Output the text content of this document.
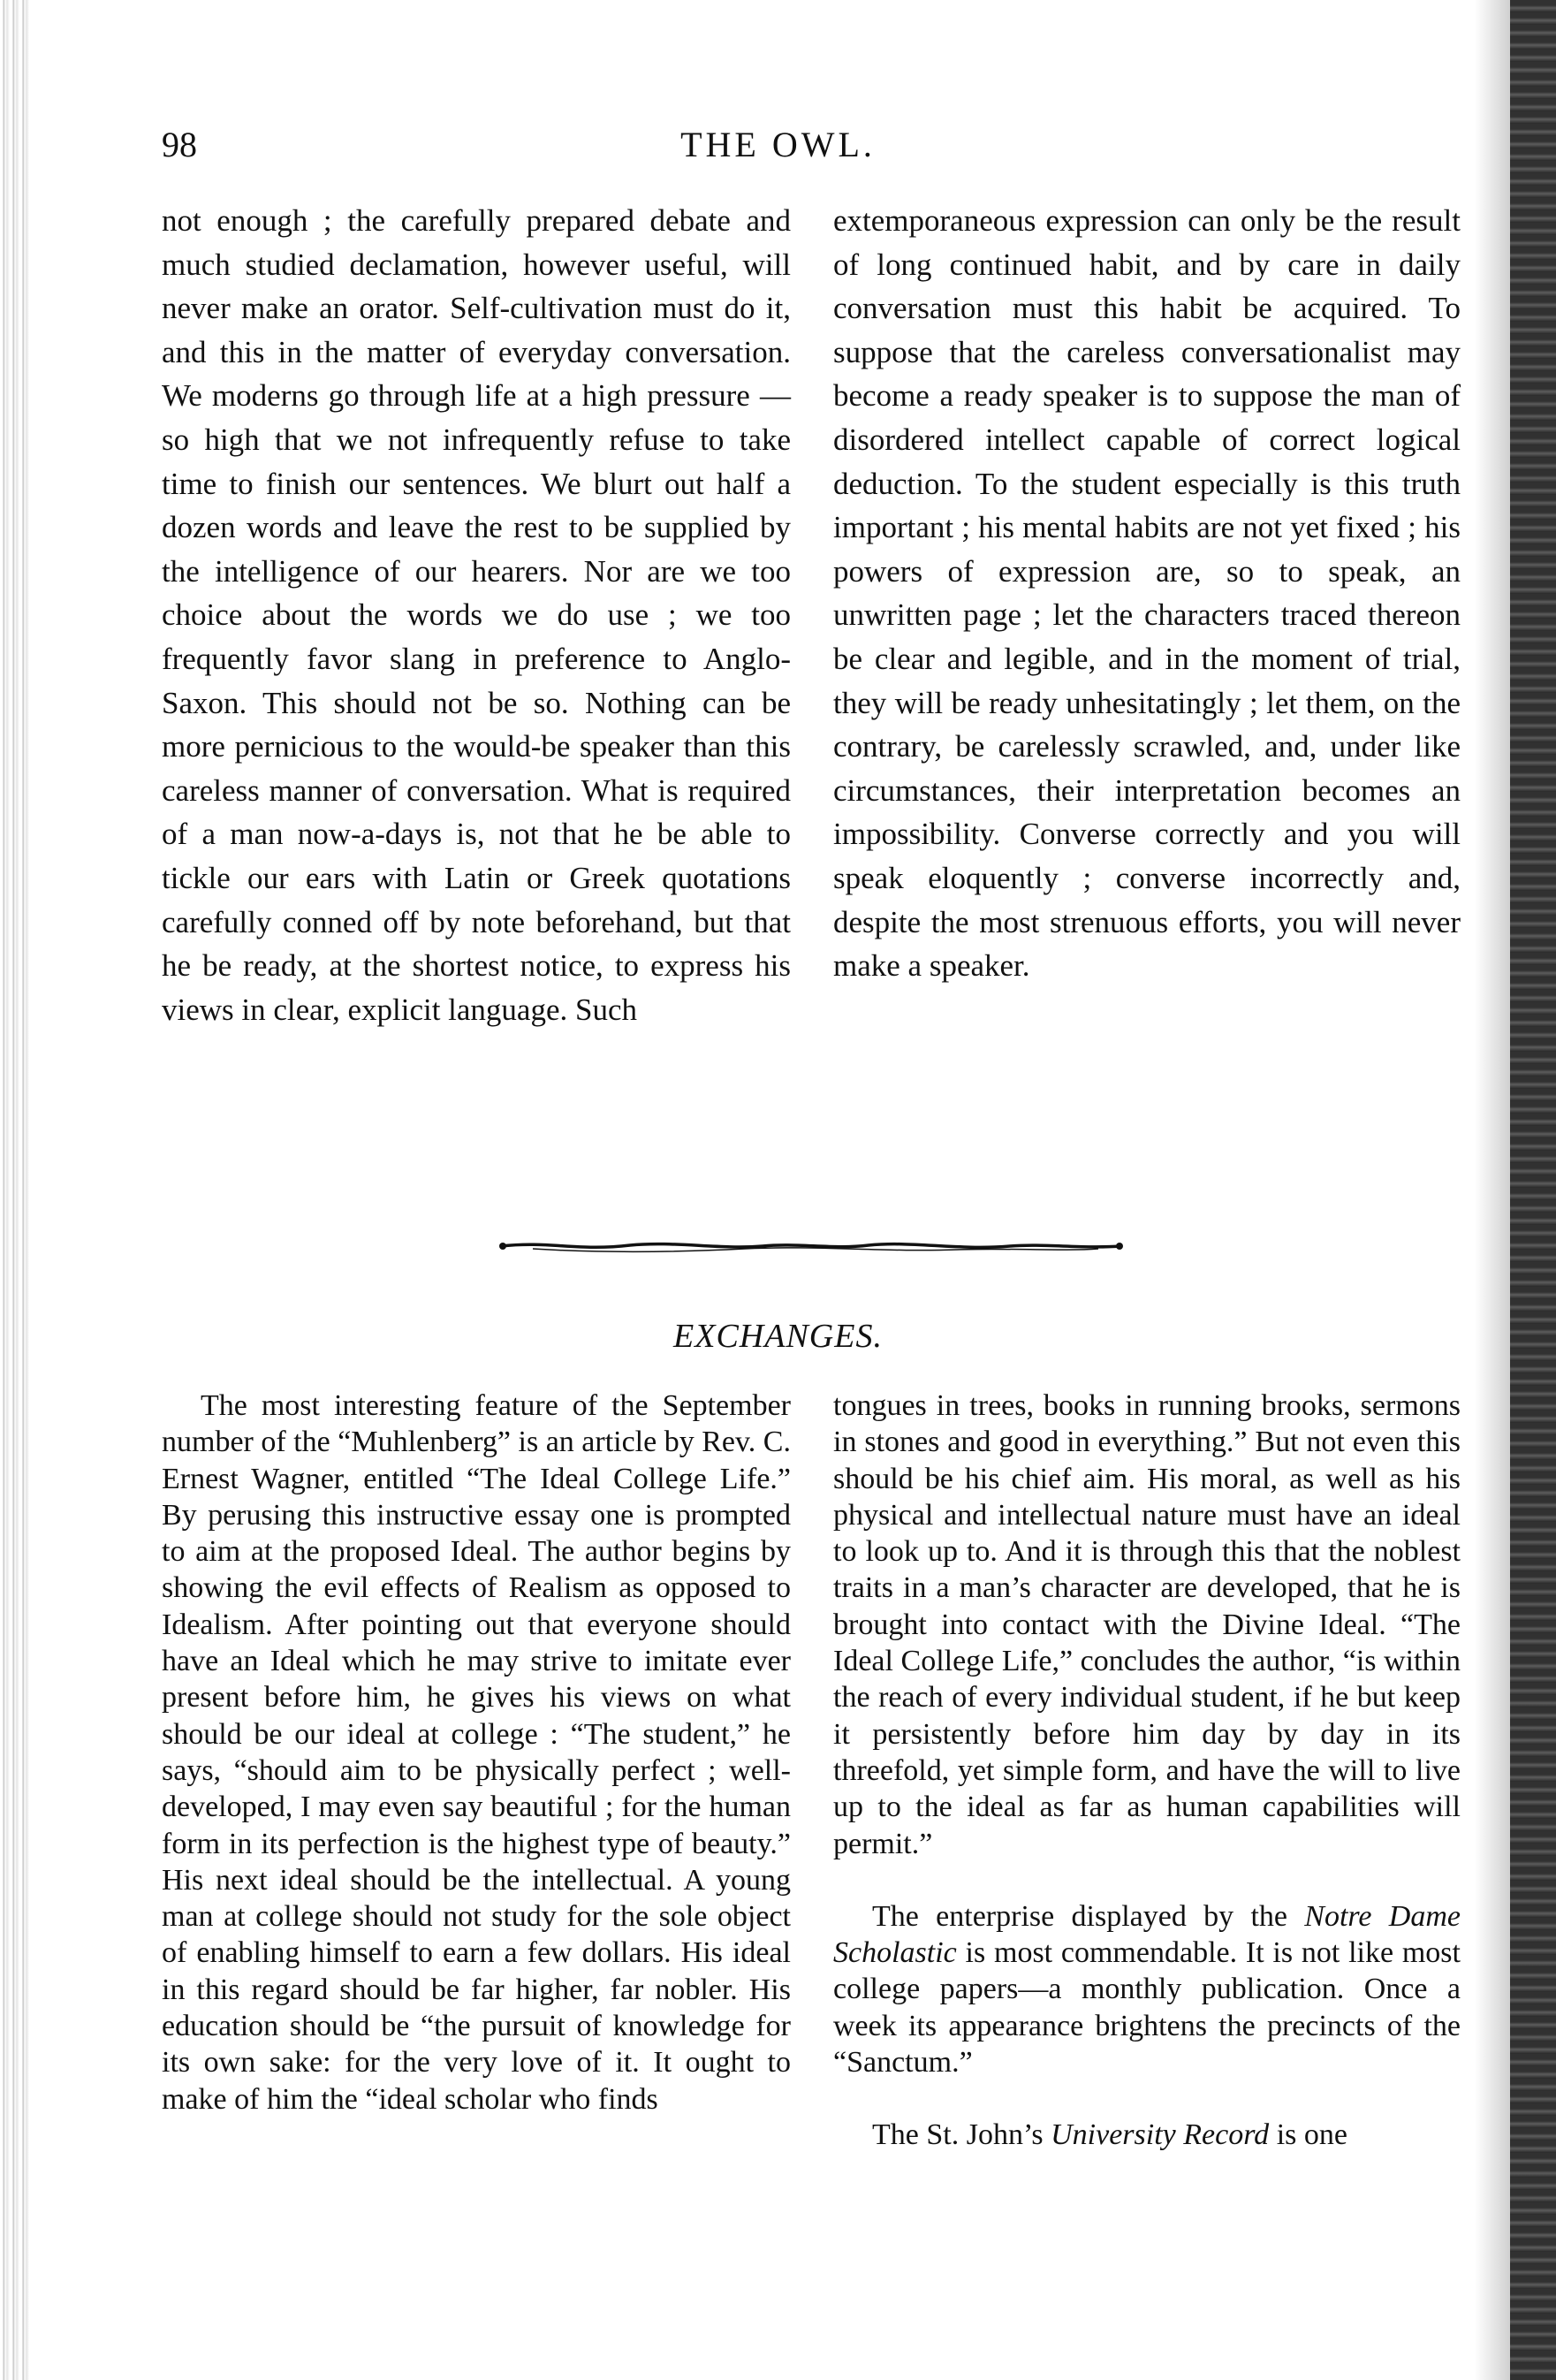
98	THE OWL.

not enough ; the carefully prepared debate and much studied declamation, however useful, will never make an orator. Self-cultivation must do it, and this in the matter of everyday conversation. We moderns go through life at a high pressure —so high that we not infrequently refuse to take time to finish our sentences. We blurt out half a dozen words and leave the rest to be supplied by the intelligence of our hearers. Nor are we too choice about the words we do use ; we too frequently favor slang in preference to Anglo-Saxon. This should not be so. Nothing can be more pernicious to the would-be speaker than this careless manner of conversation. What is required of a man now-a-days is, not that he be able to tickle our ears with Latin or Greek quotations carefully conned off by note beforehand, but that he be ready, at the shortest notice, to express his views in clear, explicit language. Such

extemporaneous expression can only be the result of long continued habit, and by care in daily conversation must this habit be acquired. To suppose that the careless conversationalist may become a ready speaker is to suppose the man of disordered intellect capable of correct logical deduction. To the student especially is this truth important ; his mental habits are not yet fixed ; his powers of expression are, so to speak, an unwritten page ; let the characters traced thereon be clear and legible, and in the moment of trial, they will be ready unhesitatingly ; let them, on the contrary, be carelessly scrawled, and, under like circumstances, their interpretation becomes an impossibility. Converse correctly and you will speak eloquently ; converse incorrectly and, despite the most strenuous efforts, you will never make a speaker.

EXCHANGES.

The most interesting feature of the September number of the “Muhlenberg” is an article by Rev. C. Ernest Wagner, entitled “The Ideal College Life.” By perusing this instructive essay one is prompted to aim at the proposed Ideal. The author begins by showing the evil effects of Realism as opposed to Idealism. After pointing out that everyone should have an Ideal which he may strive to imitate ever present before him, he gives his views on what should be our ideal at college : “The student,” he says, “should aim to be physically perfect ; well-developed, I may even say beautiful ; for the human form in its perfection is the highest type of beauty.” His next ideal should be the intellectual. A young man at college should not study for the sole object of enabling himself to earn a few dollars. His ideal in this regard should be far higher, far nobler. His education should be “the pursuit of knowledge for its own sake: for the very love of it. It ought to make of him the “ideal scholar who finds

tongues in trees, books in running brooks, sermons in stones and good in everything.” But not even this should be his chief aim. His moral, as well as his physical and intellectual nature must have an ideal to look up to. And it is through this that the noblest traits in a man’s character are developed, that he is brought into contact with the Divine Ideal. “The Ideal College Life,” concludes the author, “is within the reach of every individual student, if he but keep it persistently before him day by day in its threefold, yet simple form, and have the will to live up to the ideal as far as human capabilities will permit.”

The enterprise displayed by the Notre Dame Scholastic is most commendable. It is not like most college papers—a monthly publication. Once a week its appearance brightens the precincts of the “Sanctum.”

The St. John’s University Record is one
